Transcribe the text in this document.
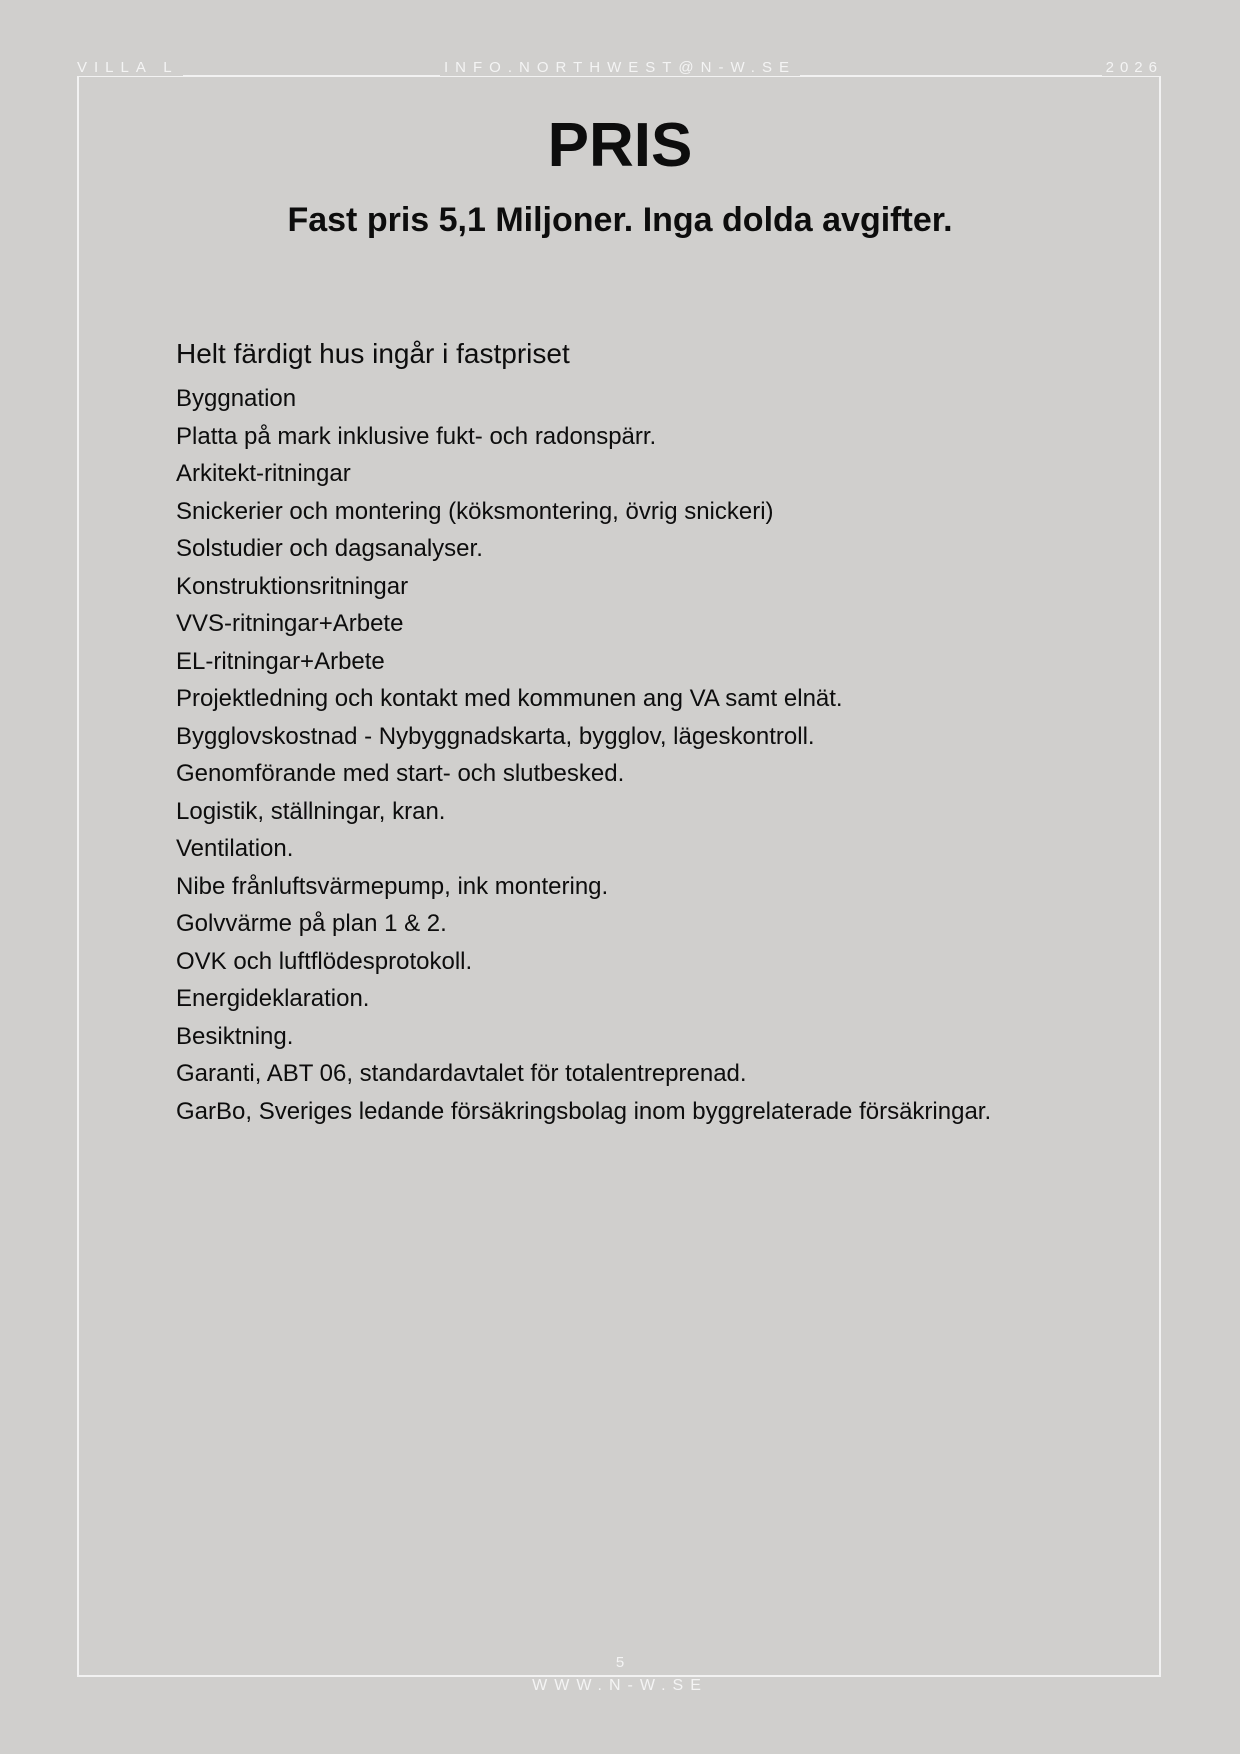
VILLA L	INFO.NORTHWEST@N-W.SE	2026
PRIS
Fast pris 5,1 Miljoner. Inga dolda avgifter.
Helt färdigt hus ingår i fastpriset
Byggnation
Platta på mark inklusive fukt- och radonspärr.
Arkitekt-ritningar
Snickerier och montering (köksmontering, övrig snickeri)
Solstudier och dagsanalyser.
Konstruktionsritningar
VVS-ritningar+Arbete
EL-ritningar+Arbete
Projektledning och kontakt med kommunen ang VA samt elnät.
Bygglovskostnad - Nybyggnadskarta, bygglov, lägeskontroll.
Genomförande med start- och slutbesked.
Logistik, ställningar, kran.
Ventilation.
Nibe frånluftsvärmepump, ink montering.
Golvvärme på plan 1 & 2.
OVK och luftflödesprotokoll.
Energideklaration.
Besiktning.
Garanti, ABT 06, standardavtalet för totalentreprenad.
GarBo, Sveriges ledande försäkringsbolag inom byggrelaterade försäkringar.
5
WWW.N-W.SE
